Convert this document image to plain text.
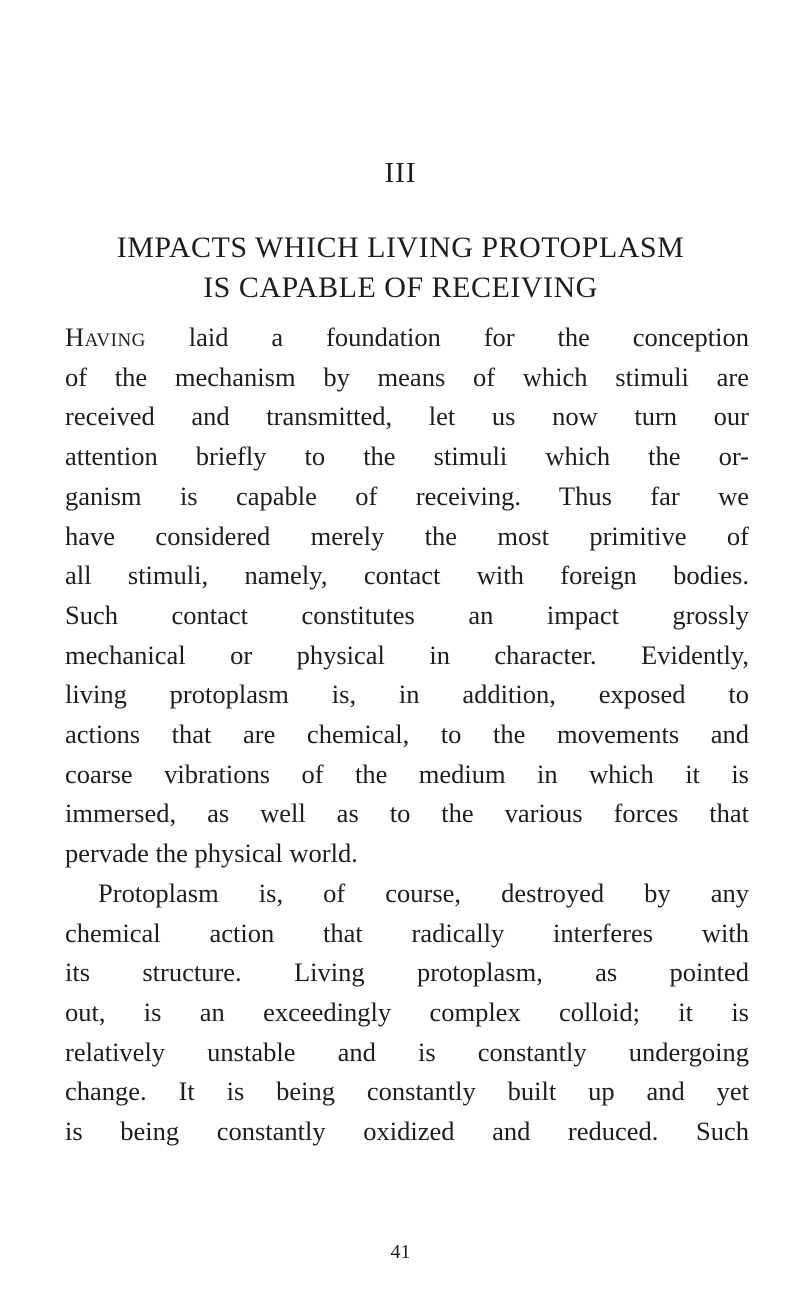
III
IMPACTS WHICH LIVING PROTOPLASM
IS CAPABLE OF RECEIVING
Having laid a foundation for the conception
of the mechanism by means of which stimuli are
received and transmitted, let us now turn our
attention briefly to the stimuli which the or-
ganism is capable of receiving. Thus far we
have considered merely the most primitive of
all stimuli, namely, contact with foreign bodies.
Such contact constitutes an impact grossly
mechanical or physical in character. Evidently,
living protoplasm is, in addition, exposed to
actions that are chemical, to the movements and
coarse vibrations of the medium in which it is
immersed, as well as to the various forces that
pervade the physical world.
Protoplasm is, of course, destroyed by any
chemical action that radically interferes with
its structure. Living protoplasm, as pointed
out, is an exceedingly complex colloid; it is
relatively unstable and is constantly undergoing
change. It is being constantly built up and yet
is being constantly oxidized and reduced. Such
41
